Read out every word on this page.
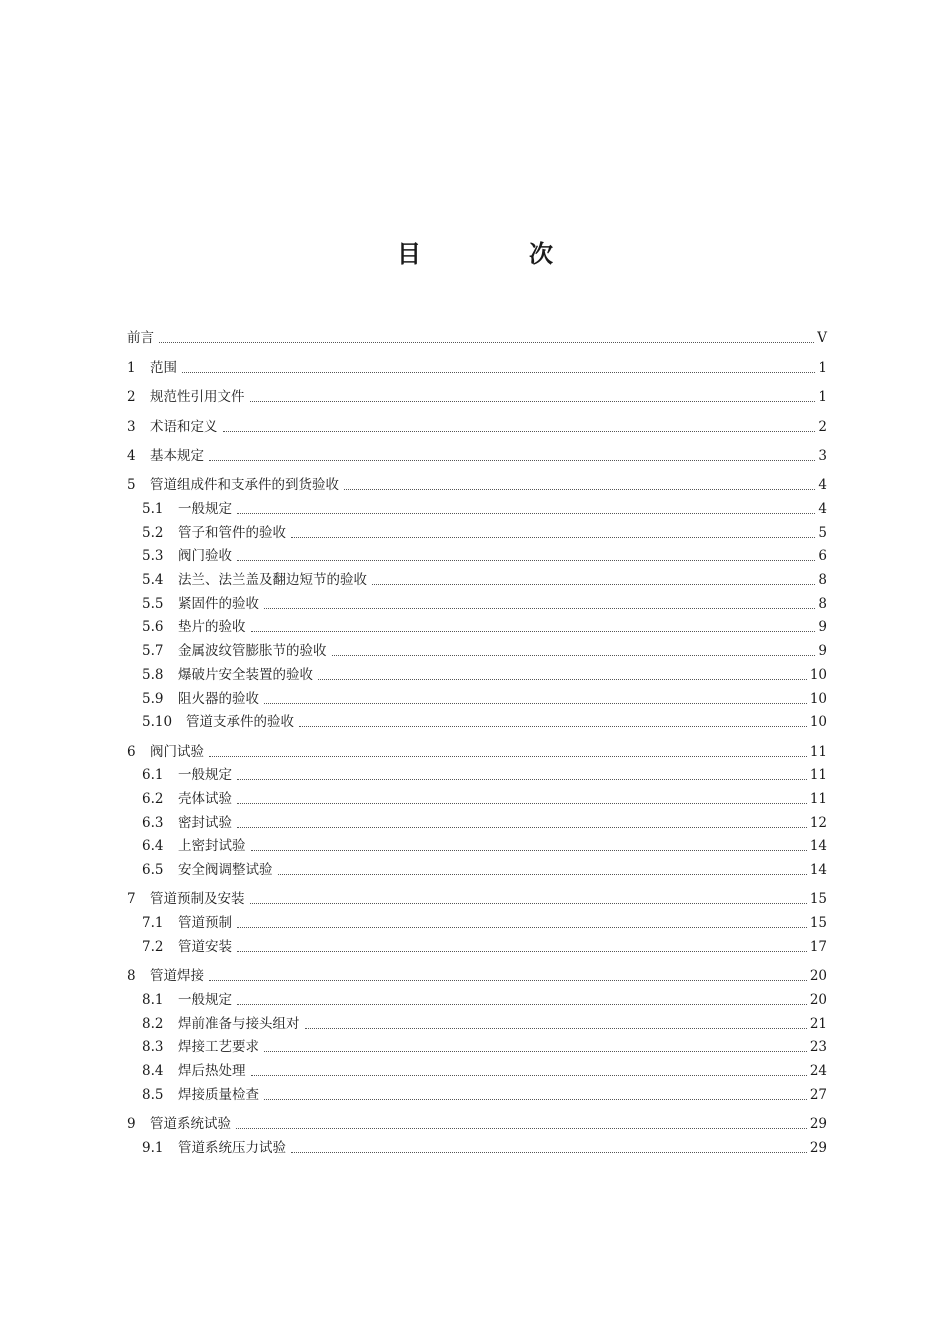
目　次
前言	V
1	范围	1
2	规范性引用文件	1
3	术语和定义	2
4	基本规定	3
5	管道组成件和支承件的到货验收	4
5.1	一般规定	4
5.2	管子和管件的验收	5
5.3	阀门验收	6
5.4	法兰、法兰盖及翻边短节的验收	8
5.5	紧固件的验收	8
5.6	垫片的验收	9
5.7	金属波纹管膨胀节的验收	9
5.8	爆破片安全装置的验收	10
5.9	阻火器的验收	10
5.10	管道支承件的验收	10
6	阀门试验	11
6.1	一般规定	11
6.2	壳体试验	11
6.3	密封试验	12
6.4	上密封试验	14
6.5	安全阀调整试验	14
7	管道预制及安装	15
7.1	管道预制	15
7.2	管道安装	17
8	管道焊接	20
8.1	一般规定	20
8.2	焊前准备与接头组对	21
8.3	焊接工艺要求	23
8.4	焊后热处理	24
8.5	焊接质量检查	27
9	管道系统试验	29
9.1	管道系统压力试验	29
